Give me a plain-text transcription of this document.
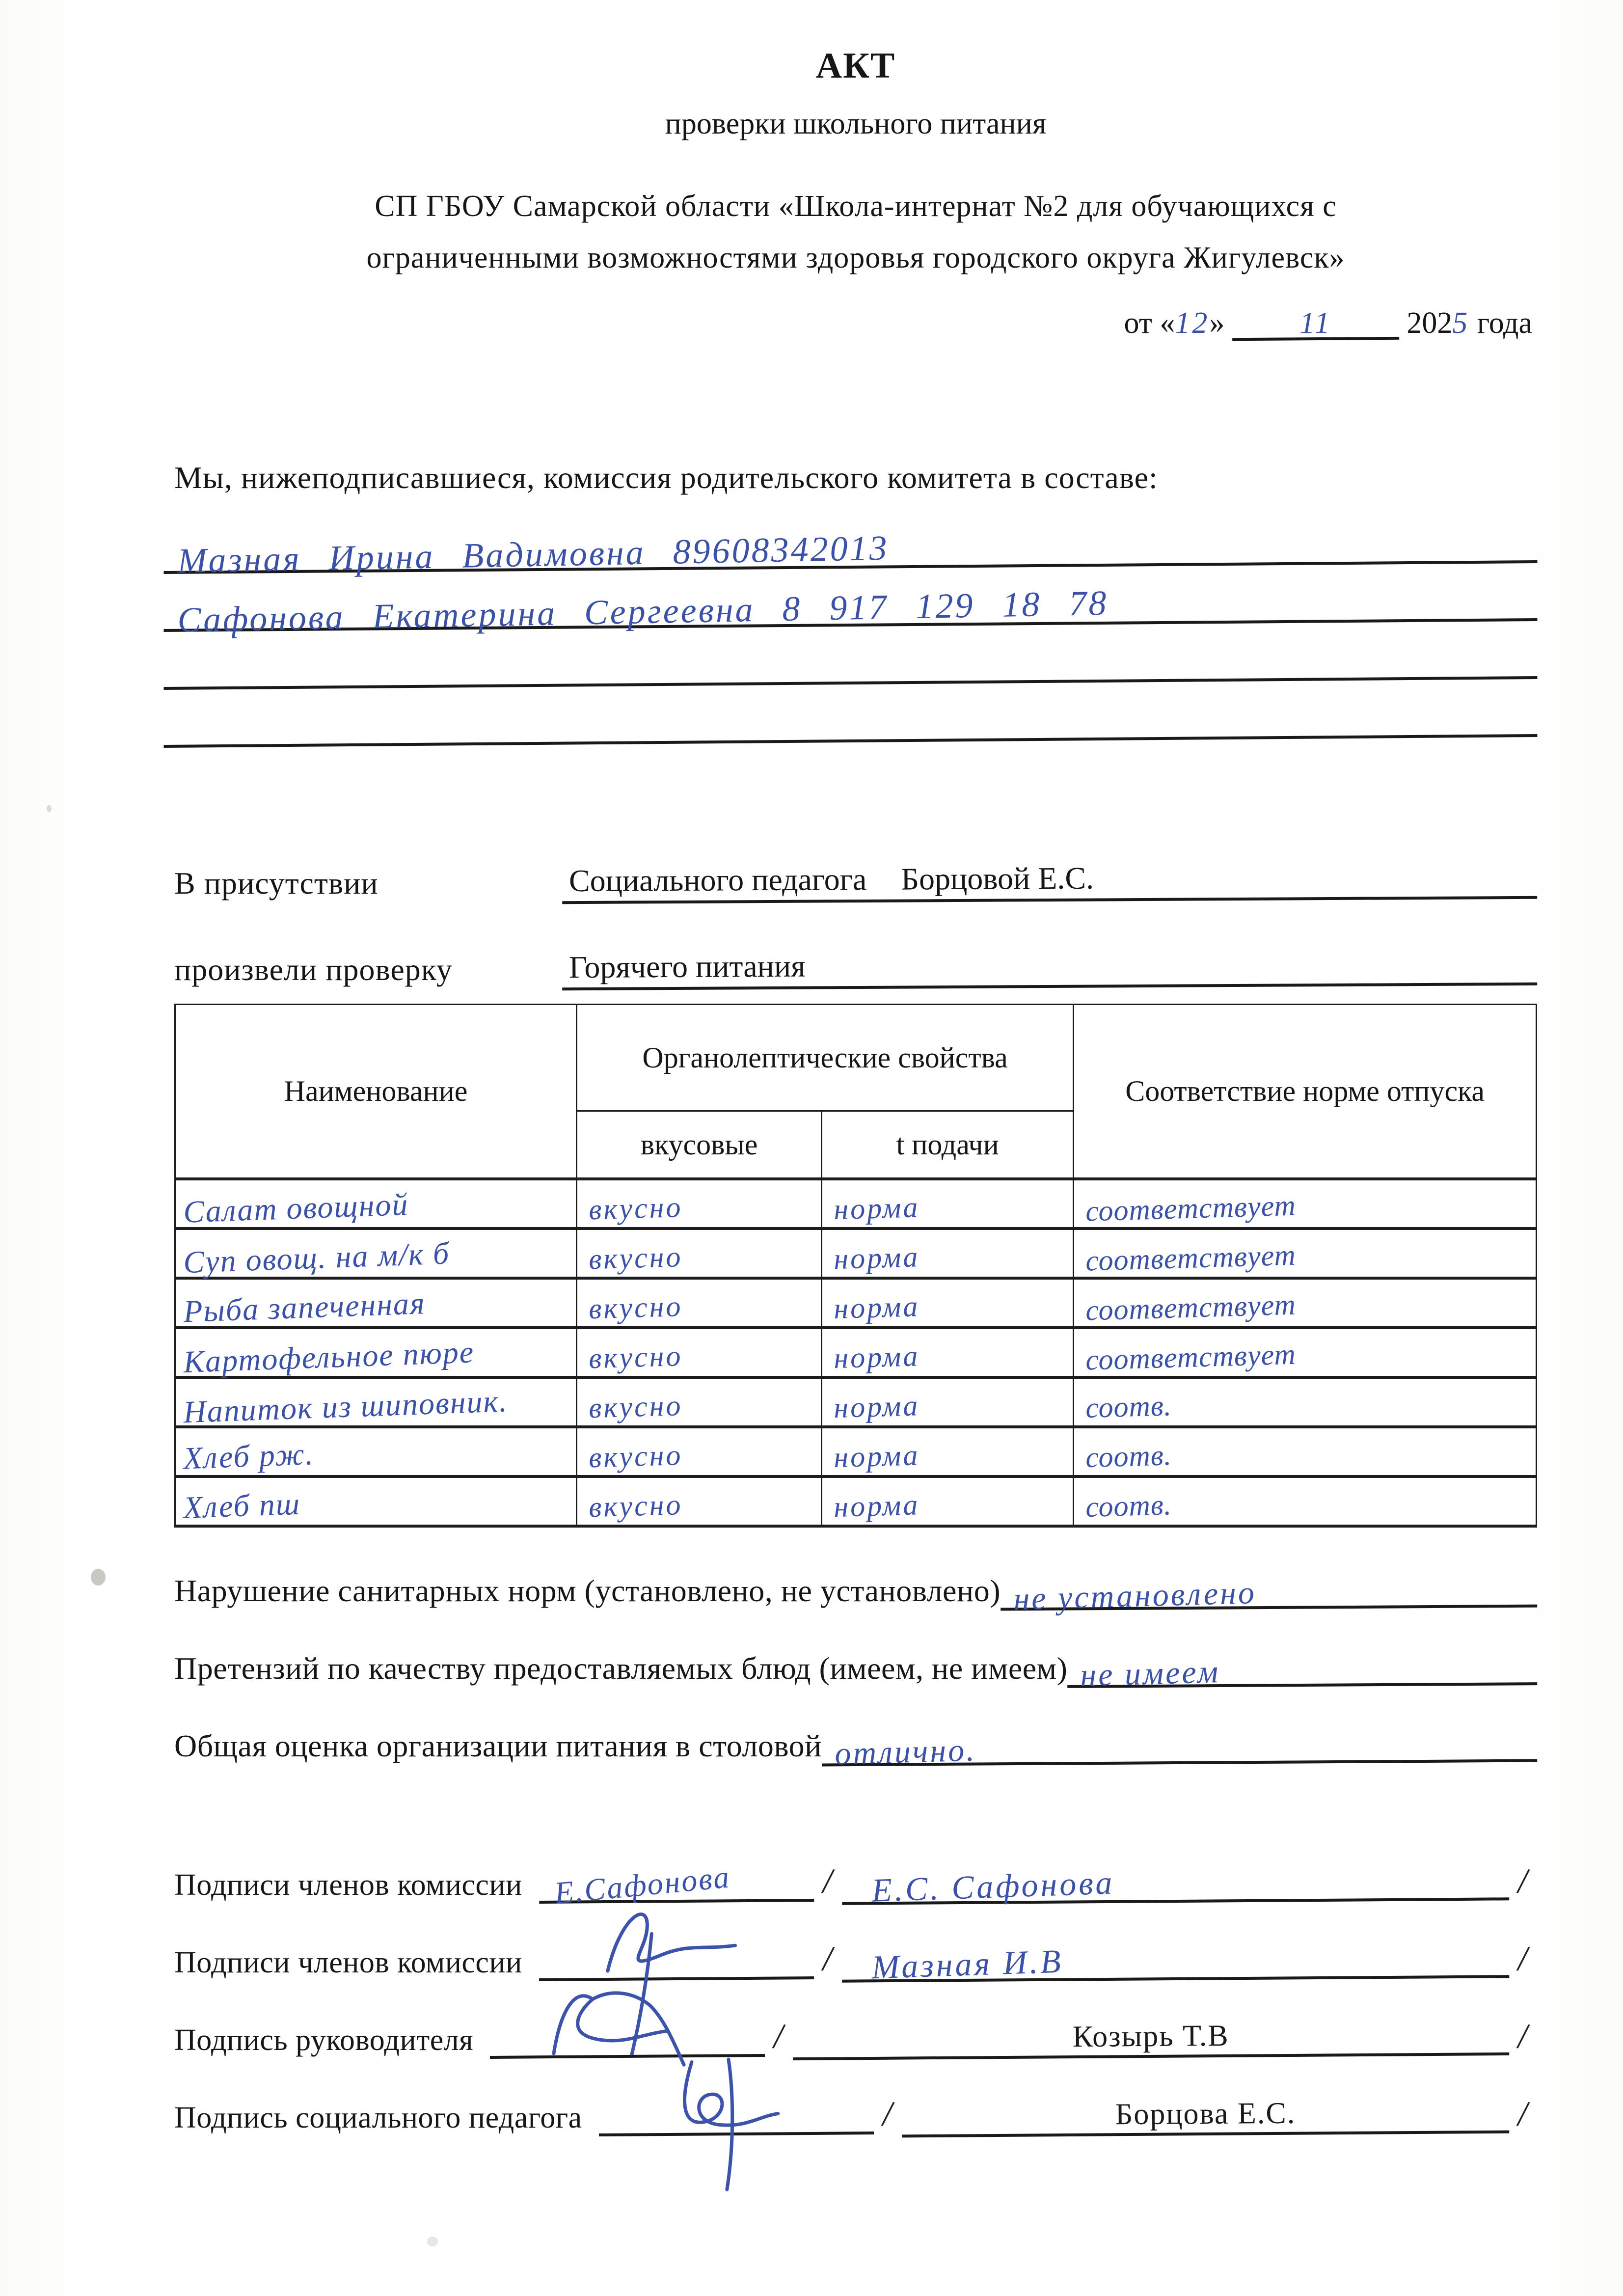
АКТ
проверки школьного питания
СП ГБОУ Самарской области «Школа-интернат №2 для обучающихся с
ограниченными возможностями здоровья городского округа Жигулевск»
от «12» 11 2025 года
Мы, нижеподписавшиеся, комиссия родительского комитета в составе:
Мазная Ирина Вадимовна 89608342013
Сафонова Екатерина Сергеевна 8 917 129 18 78
В присутствии	Социального педагога Борцовой Е.С.
произвели проверку	Горячего питания
Наименование	Органолептические свойства		Соответствие норме отпуска
	вкусовые	t подачи	
Салат овощной	вкусно	норма	соответствует
Суп овощ. на м/к б	вкусно	норма	соответствует
Рыба запеченная	вкусно	норма	соответствует
Картофельное пюре	вкусно	норма	соответствует
Напиток из шиповник.	вкусно	норма	соотв.
Хлеб рж.	вкусно	норма	соотв.
Хлеб пш	вкусно	норма	соотв.
Нарушение санитарных норм (установлено, не установлено) не установлено
Претензий по качеству предоставляемых блюд (имеем, не имеем) не имеем
Общая оценка организации питания в столовой отлично.
Подписи членов комиссии Е.Сафонова	/	Е.С. Сафонова	/
Подписи членов комиссии	/	Мазная И.В	/
Подпись руководителя	/	Козырь Т.В	/
Подпись социального педагога	/	Борцова Е.С.	/
